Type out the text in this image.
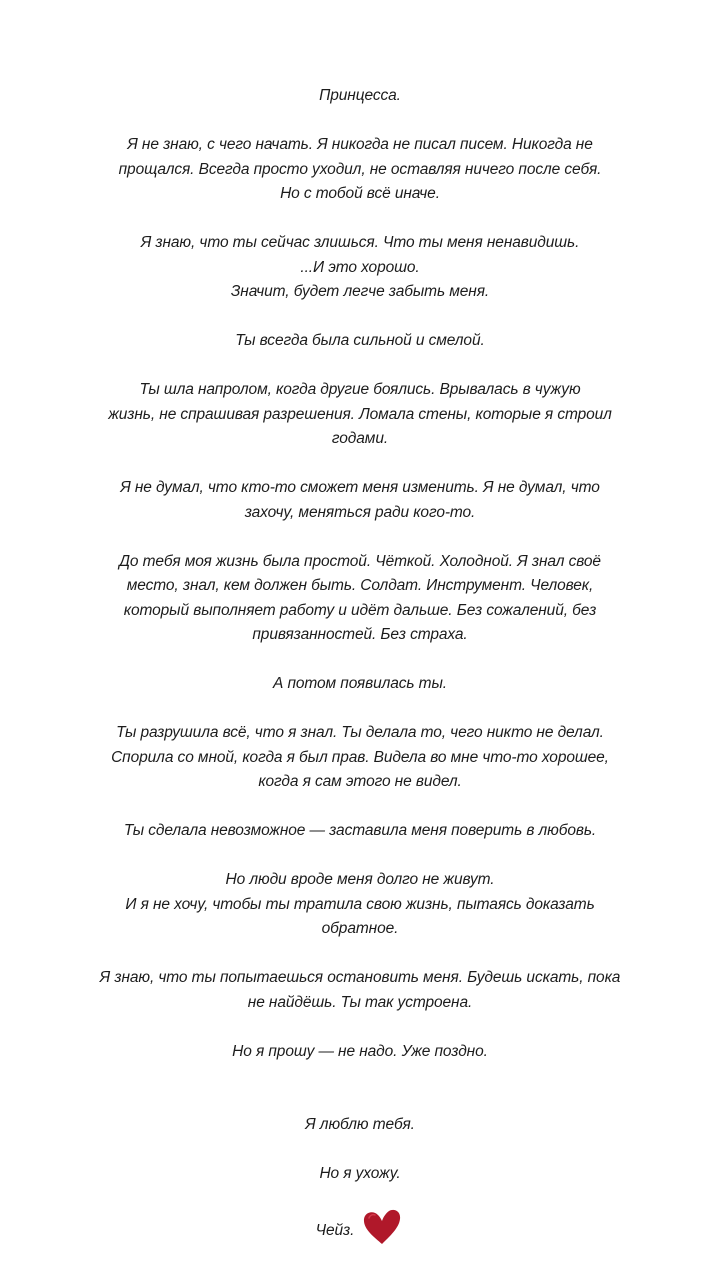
Принцесса.

Я не знаю, с чего начать. Я никогда не писал писем. Никогда не
прощался. Всегда просто уходил, не оставляя ничего после себя.
Но с тобой всё иначе.

Я знаю, что ты сейчас злишься. Что ты меня ненавидишь.
...И это хорошо.
Значит, будет легче забыть меня.

Ты всегда была сильной и смелой.

Ты шла напролом, когда другие боялись. Врывалась в чужую
жизнь, не спрашивая разрешения. Ломала стены, которые я строил
годами.

Я не думал, что кто-то сможет меня изменить. Я не думал, что
захочу, меняться ради кого-то.

До тебя моя жизнь была простой. Чёткой. Холодной. Я знал своё
место, знал, кем должен быть. Солдат. Инструмент. Человек,
который выполняет работу и идёт дальше. Без сожалений, без
привязанностей. Без страха.

А потом появилась ты.

Ты разрушила всё, что я знал. Ты делала то, чего никто не делал.
Спорила со мной, когда я был прав. Видела во мне что-то хорошее,
когда я сам этого не видел.

Ты сделала невозможное — заставила меня поверить в любовь.

Но люди вроде меня долго не живут.
И я не хочу, чтобы ты тратила свою жизнь, пытаясь доказать
обратное.

Я знаю, что ты попытаешься остановить меня. Будешь искать, пока
не найдёшь. Ты так устроена.

Но я прошу — не надо. Уже поздно.

Я люблю тебя.

Но я ухожу.

Чейз.
